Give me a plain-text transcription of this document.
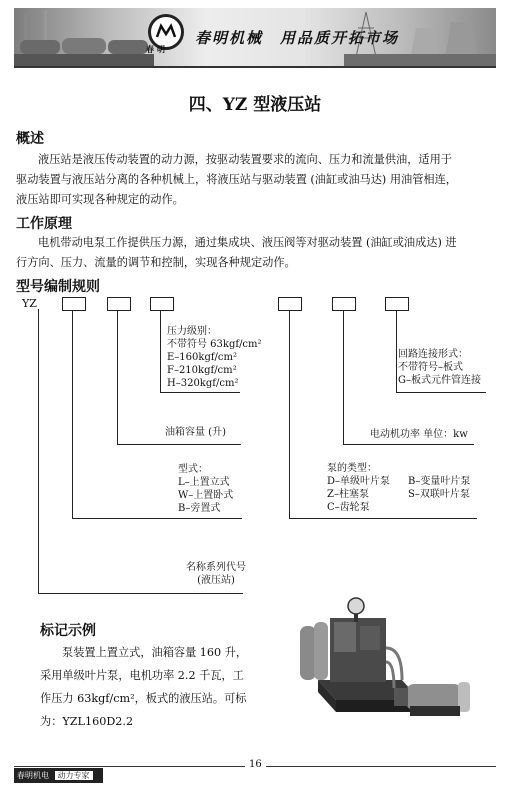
春明
春明机械 用品质开拓市场
四、YZ 型液压站
概述
液压站是液压传动装置的动力源，按驱动装置要求的流向、压力和流量供油，适用于
驱动装置与液压站分离的各种机械上，将液压站与驱动装置 (油缸或油马达) 用油管相连，
液压站即可实现各种规定的动作。
工作原理
电机带动电泵工作提供压力源，通过集成块、液压阀等对驱动装置 (油缸或油成达) 进
行方向、压力、流量的调节和控制，实现各种规定动作。
型号编制规则
YZ
压力级别：
不带符号 63kgf/cm²
E–160kgf/cm²
F–210kgf/cm²
H–320kgf/cm²
油箱容量 (升)
型式：
L–上置立式
W–上置卧式
B–旁置式
名称系列代号
(液压站)
回路连接形式：
不带符号–板式
G–板式元件管连接
电动机功率 单位：kw
泵的类型：
D–单级叶片泵
Z–柱塞泵
C–齿轮泵
B–变量叶片泵
S–双联叶片泵
标记示例
泵装置上置立式，油箱容量 160 升，
采用单级叶片泵，电机功率 2.2 千瓦，工
作压力 63kgf/cm²，板式的液压站。可标
为：YZL160D2.2
春明机电 动力专家
16
